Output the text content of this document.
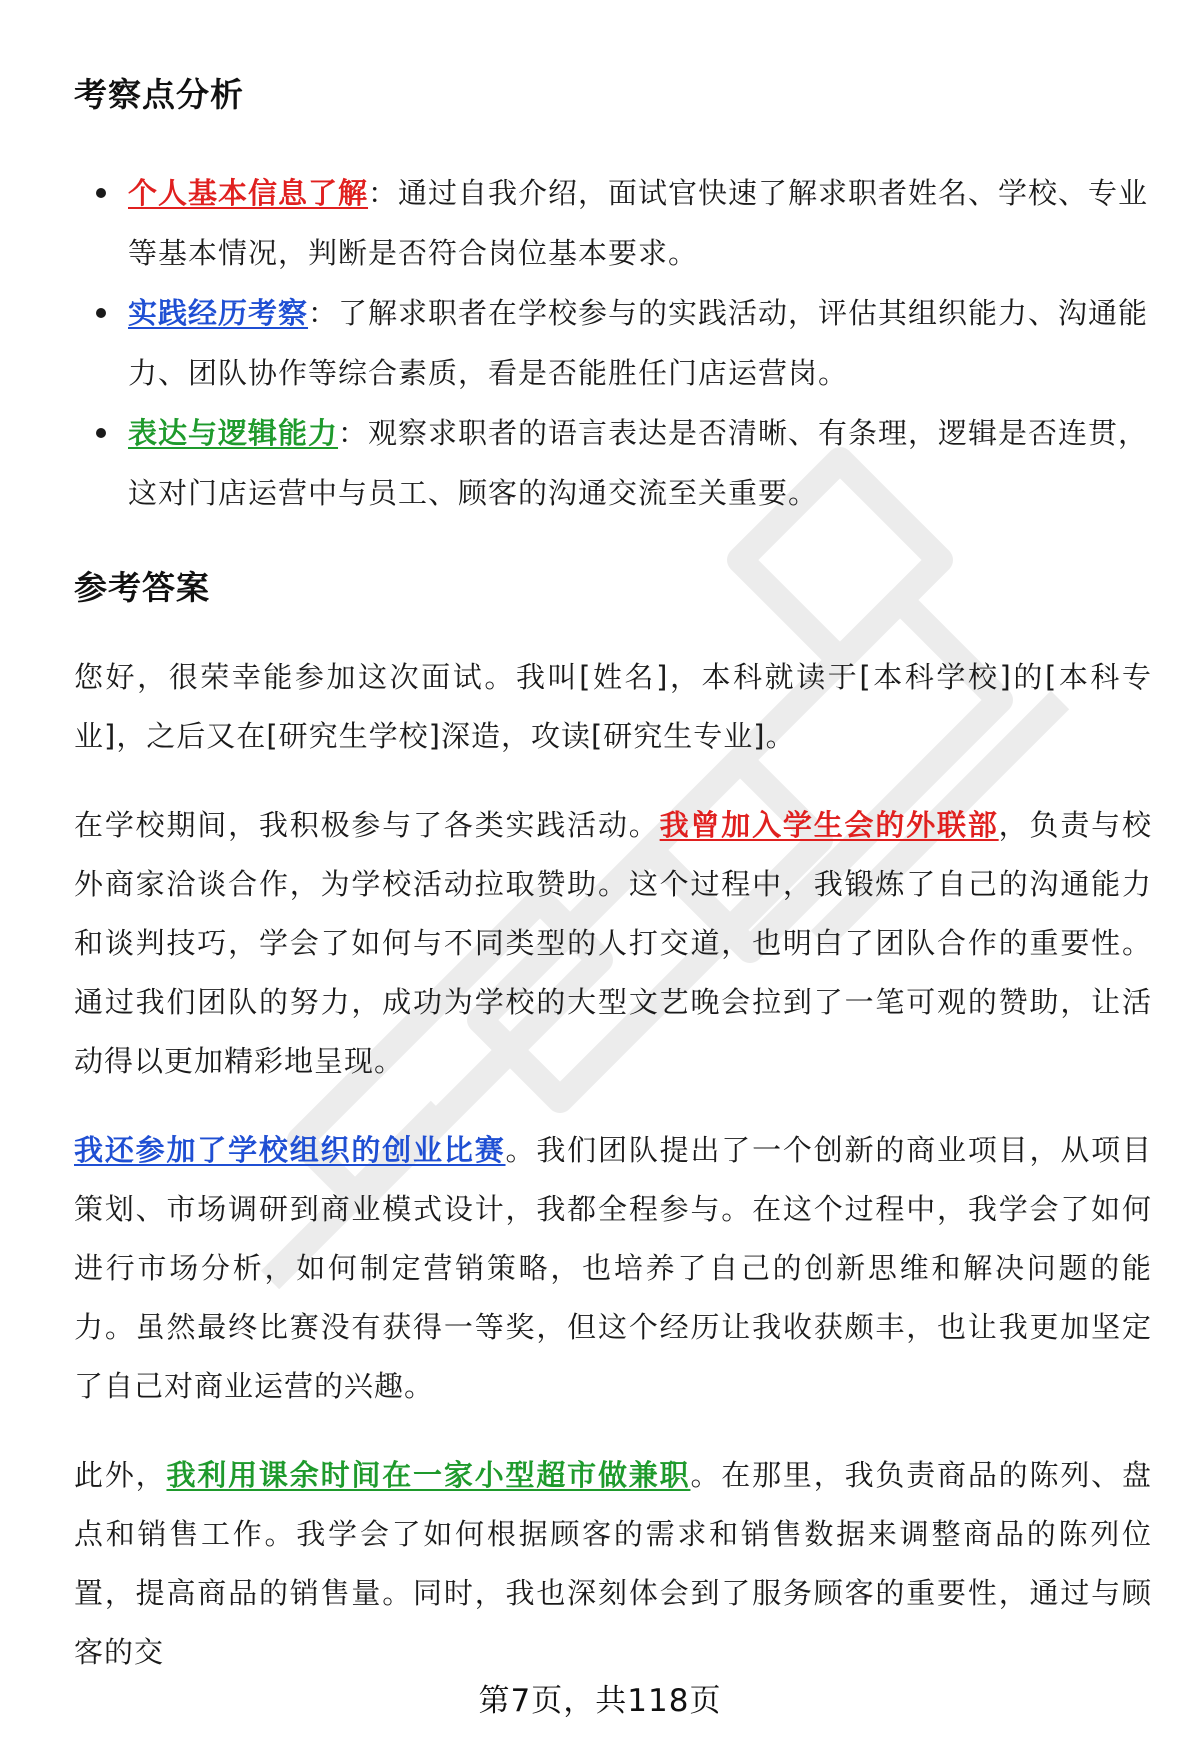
考察点分析
个人基本信息了解：通过自我介绍，面试官快速了解求职者姓名、学校、专业等基本情况，判断是否符合岗位基本要求。
实践经历考察：了解求职者在学校参与的实践活动，评估其组织能力、沟通能力、团队协作等综合素质，看是否能胜任门店运营岗。
表达与逻辑能力：观察求职者的语言表达是否清晰、有条理，逻辑是否连贯，这对门店运营中与员工、顾客的沟通交流至关重要。
参考答案

您好，很荣幸能参加这次面试。我叫[姓名]，本科就读于[本科学校]的[本科专业]，之后又在[研究生学校]深造，攻读[研究生专业]。

在学校期间，我积极参与了各类实践活动。我曾加入学生会的外联部，负责与校外商家洽谈合作，为学校活动拉取赞助。这个过程中，我锻炼了自己的沟通能力和谈判技巧，学会了如何与不同类型的人打交道，也明白了团队合作的重要性。通过我们团队的努力，成功为学校的大型文艺晚会拉到了一笔可观的赞助，让活动得以更加精彩地呈现。

我还参加了学校组织的创业比赛。我们团队提出了一个创新的商业项目，从项目策划、市场调研到商业模式设计，我都全程参与。在这个过程中，我学会了如何进行市场分析，如何制定营销策略，也培养了自己的创新思维和解决问题的能力。虽然最终比赛没有获得一等奖，但这个经历让我收获颇丰，也让我更加坚定了自己对商业运营的兴趣。

此外，我利用课余时间在一家小型超市做兼职。在那里，我负责商品的陈列、盘点和销售工作。我学会了如何根据顾客的需求和销售数据来调整商品的陈列位置，提高商品的销售量。同时，我也深刻体会到了服务顾客的重要性，通过与顾客的交

第7页，共118页
